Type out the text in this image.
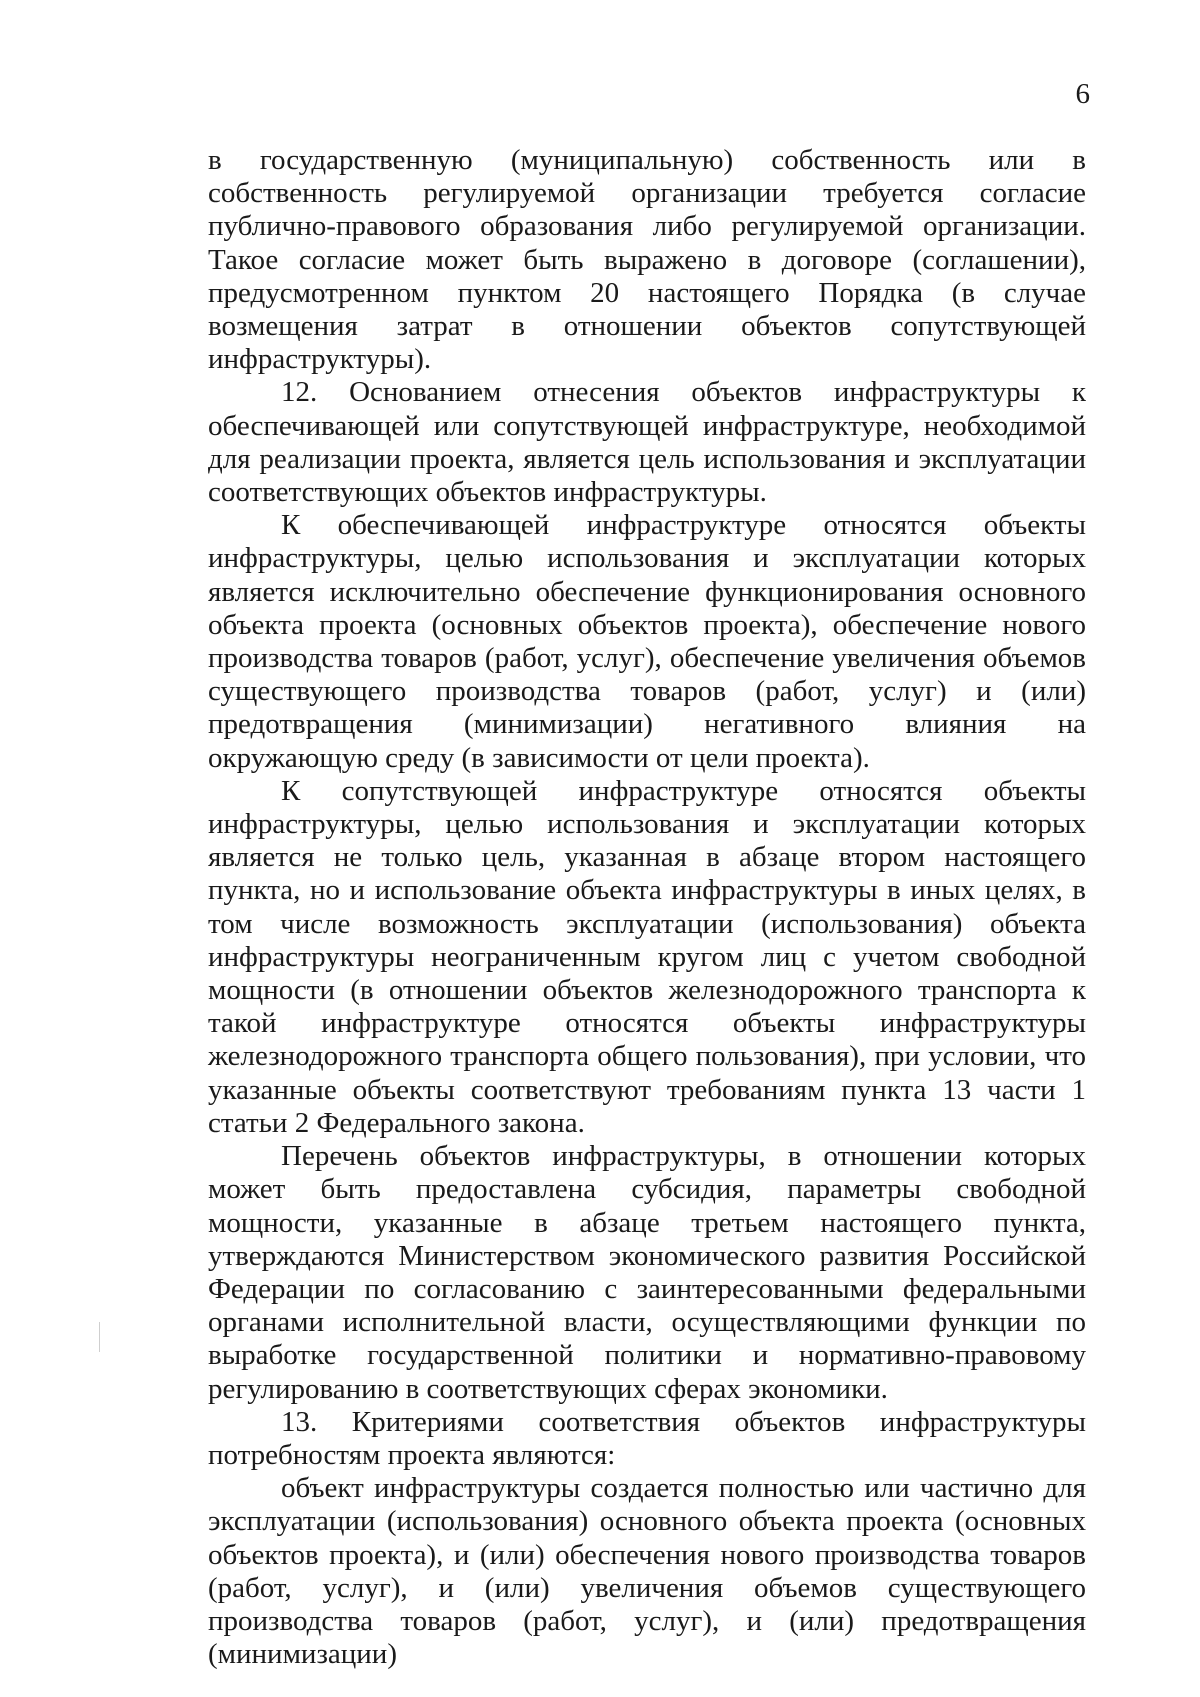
6

в государственную (муниципальную) собственность или в собственность регулируемой организации требуется согласие публично-правового образования либо регулируемой организации. Такое согласие может быть выражено в договоре (соглашении), предусмотренном пунктом 20 настоящего Порядка (в случае возмещения затрат в отношении объектов сопутствующей инфраструктуры).

12. Основанием отнесения объектов инфраструктуры к обеспечивающей или сопутствующей инфраструктуре, необходимой для реализации проекта, является цель использования и эксплуатации соответствующих объектов инфраструктуры.

К обеспечивающей инфраструктуре относятся объекты инфраструктуры, целью использования и эксплуатации которых является исключительно обеспечение функционирования основного объекта проекта (основных объектов проекта), обеспечение нового производства товаров (работ, услуг), обеспечение увеличения объемов существующего производства товаров (работ, услуг) и (или) предотвращения (минимизации) негативного влияния на окружающую среду (в зависимости от цели проекта).

К сопутствующей инфраструктуре относятся объекты инфраструктуры, целью использования и эксплуатации которых является не только цель, указанная в абзаце втором настоящего пункта, но и использование объекта инфраструктуры в иных целях, в том числе возможность эксплуатации (использования) объекта инфраструктуры неограниченным кругом лиц с учетом свободной мощности (в отношении объектов железнодорожного транспорта к такой инфраструктуре относятся объекты инфраструктуры железнодорожного транспорта общего пользования), при условии, что указанные объекты соответствуют требованиям пункта 13 части 1 статьи 2 Федерального закона.

Перечень объектов инфраструктуры, в отношении которых может быть предоставлена субсидия, параметры свободной мощности, указанные в абзаце третьем настоящего пункта, утверждаются Министерством экономического развития Российской Федерации по согласованию с заинтересованными федеральными органами исполнительной власти, осуществляющими функции по выработке государственной политики и нормативно-правовому регулированию в соответствующих сферах экономики.

13. Критериями соответствия объектов инфраструктуры потребностям проекта являются:

объект инфраструктуры создается полностью или частично для эксплуатации (использования) основного объекта проекта (основных объектов проекта), и (или) обеспечения нового производства товаров (работ, услуг), и (или) увеличения объемов существующего производства товаров (работ, услуг), и (или) предотвращения (минимизации)
